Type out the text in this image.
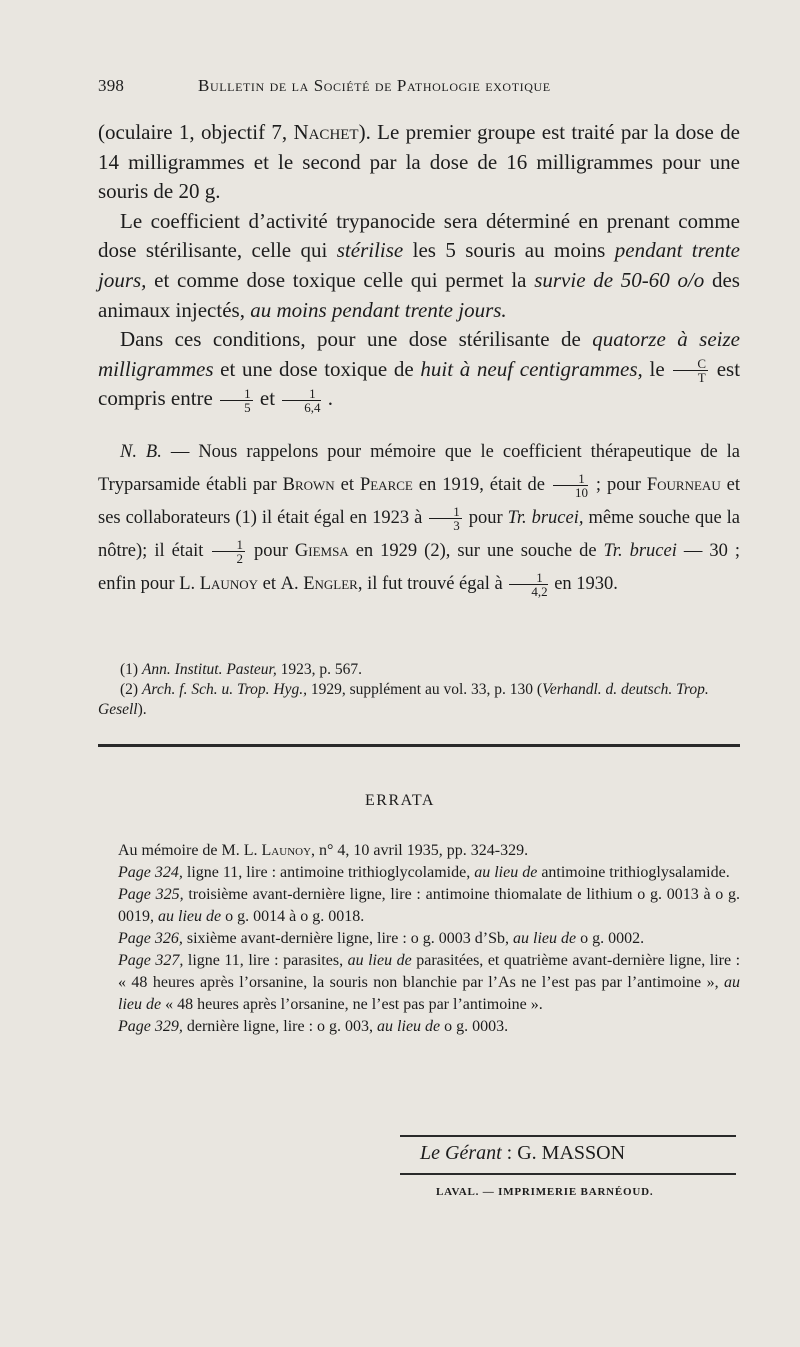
398	Bulletin de la Société de Pathologie exotique

(oculaire 1, objectif 7, Nachet). Le premier groupe est traité par la dose de 14 milligrammes et le second par la dose de 16 milligrammes pour une souris de 20 g.

Le coefficient d’activité trypanocide sera déterminé en prenant comme dose stérilisante, celle qui stérilise les 5 souris au moins pendant trente jours, et comme dose toxique celle qui permet la survie de 50-60 o/o des animaux injectés, au moins pendant trente jours.

Dans ces conditions, pour une dose stérilisante de quatorze à seize milligrammes et une dose toxique de huit à neuf centigrammes, le $\frac{C}{T}$ est compris entre $\frac{1}{5}$ et $\frac{1}{6,4}$ .

N. B. — Nous rappelons pour mémoire que le coefficient thérapeutique de la Tryparsamide établi par Brown et Pearce en 1919, était de $\frac{1}{10}$ ; pour Fourneau et ses collaborateurs (1) il était égal en 1923 à $\frac{1}{3}$ pour Tr. brucei, même souche que la nôtre); il était $\frac{1}{2}$ pour Giemsa en 1929 (2), sur une souche de Tr. brucei — 30 ; enfin pour L. Launoy et A. Engler, il fut trouvé égal à $\frac{1}{4,2}$ en 1930.

(1) Ann. Institut. Pasteur, 1923, p. 567.

(2) Arch. f. Sch. u. Trop. Hyg., 1929, supplément au vol. 33, p. 130 (Verhandl. d. deutsch. Trop. Gesell).

ERRATA

Au mémoire de M. L. Launoy, n° 4, 10 avril 1935, pp. 324-329.

Page 324, ligne 11, lire : antimoine trithioglycolamide, au lieu de antimoine trithioglysalamide.

Page 325, troisième avant-dernière ligne, lire : antimoine thiomalate de lithium o g. 0013 à o g. 0019, au lieu de o g. 0014 à o g. 0018.

Page 326, sixième avant-dernière ligne, lire : o g. 0003 d’Sb, au lieu de o g. 0002.

Page 327, ligne 11, lire : parasites, au lieu de parasitées, et quatrième avant-dernière ligne, lire : « 48 heures après l’orsanine, la souris non blanchie par l’As ne l’est pas par l’antimoine », au lieu de « 48 heures après l’orsanine, ne l’est pas par l’antimoine ».

Page 329, dernière ligne, lire : o g. 003, au lieu de o g. 0003.

Le Gérant : G. MASSON
LAVAL. — IMPRIMERIE BARNÉOUD.
